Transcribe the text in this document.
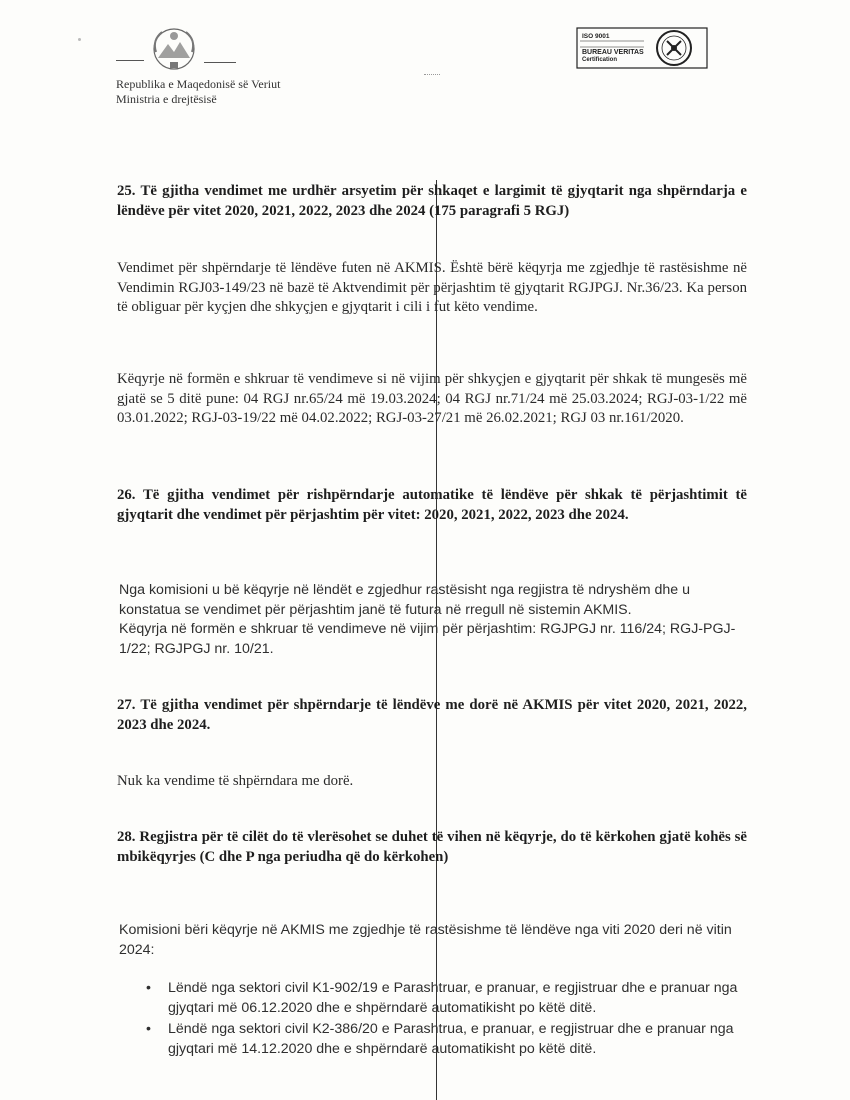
Republika e Maqedonisë së Veriut
Ministria e drejtësisë
ISO 9001
BUREAU VERITAS
Certification
25. Të gjitha vendimet me urdhër arsyetim për shkaqet e largimit të gjyqtarit nga shpërndarja e lëndëve për vitet 2020, 2021, 2022, 2023 dhe 2024 (175 paragrafi 5 RGJ)
Vendimet për shpërndarje të lëndëve futen në AKMIS. Është bërë këqyrja me zgjedhje të rastësishme në Vendimin RGJ03-149/23 në bazë të Aktvendimit për përjashtim të gjyqtarit RGJPGJ. Nr.36/23. Ka person të obliguar për kyçjen dhe shkyçjen e gjyqtarit i cili i fut këto vendime.
Këqyrje në formën e shkruar të vendimeve si në vijim për shkyçjen e gjyqtarit për shkak të mungesës më gjatë se 5 ditë pune: 04 RGJ nr.65/24 më 19.03.2024; 04 RGJ nr.71/24 më 25.03.2024; RGJ-03-1/22 më 03.01.2022; RGJ-03-19/22 më 04.02.2022; RGJ-03-27/21 më 26.02.2021; RGJ 03 nr.161/2020.
26. Të gjitha vendimet për rishpërndarje automatike të lëndëve për shkak të përjashtimit të gjyqtarit dhe vendimet për përjashtim për vitet: 2020, 2021, 2022, 2023 dhe 2024.
Nga komisioni u bë këqyrje në lëndët e zgjedhur rastësisht nga regjistra të ndryshëm dhe u konstatua se vendimet për përjashtim janë të futura në rregull në sistemin AKMIS.
Këqyrja në formën e shkruar të vendimeve në vijim për përjashtim: RGJPGJ nr. 116/24; RGJ-PGJ-1/22; RGJPGJ nr. 10/21.
27. Të gjitha vendimet për shpërndarje të lëndëve me dorë në AKMIS për vitet 2020, 2021, 2022, 2023 dhe 2024.
Nuk ka vendime të shpërndara me dorë.
28. Regjistra për të cilët do të vlerësohet se duhet të vihen në këqyrje, do të kërkohen gjatë kohës së mbikëqyrjes (C dhe P nga periudha që do kërkohen)
Komisioni bëri këqyrje në AKMIS me zgjedhje të rastësishme të lëndëve nga viti 2020 deri në vitin 2024:
• Lëndë nga sektori civil K1-902/19 e Parashtruar, e pranuar, e regjistruar dhe e pranuar nga gjyqtari më 06.12.2020 dhe e shpërndarë automatikisht po këtë ditë.
• Lëndë nga sektori civil K2-386/20 e Parashtrua, e pranuar, e regjistruar dhe e pranuar nga gjyqtari më 14.12.2020 dhe e shpërndarë automatikisht po këtë ditë.
